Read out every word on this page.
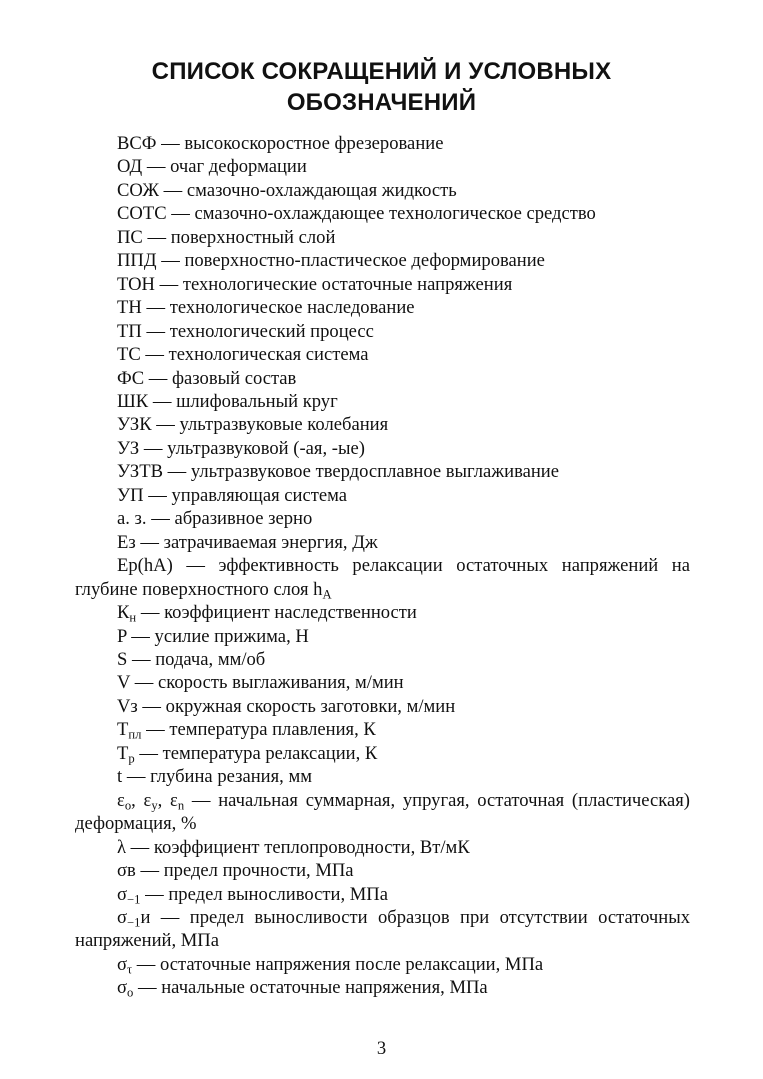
СПИСОК СОКРАЩЕНИЙ И УСЛОВНЫХ
ОБОЗНАЧЕНИЙ
ВСФ — высокоскоростное фрезерование
ОД — очаг деформации
СОЖ — смазочно-охлаждающая жидкость
СОТС — смазочно-охлаждающее технологическое средство
ПС — поверхностный слой
ППД — поверхностно-пластическое деформирование
ТОН — технологические остаточные напряжения
ТН — технологическое наследование
ТП — технологический процесс
ТС — технологическая система
ФС — фазовый состав
ШК — шлифовальный круг
УЗК — ультразвуковые колебания
УЗ — ультразвуковой (-ая, -ые)
УЗТВ — ультразвуковое твердосплавное выглаживание
УП — управляющая система
а. з. — абразивное зерно
Ез — затрачиваемая энергия, Дж
Ер(hA) — эффективность релаксации остаточных напряжений на глубине поверхностного слоя $h_A$
$К_н$ — коэффициент наследственности
P — усилие прижима, Н
S — подача, мм/об
V — скорость выглаживания, м/мин
Vз — окружная скорость заготовки, м/мин
$Т_{пл}$ — температура плавления, К
$Т_р$ — температура релаксации, К
t — глубина резания, мм
$\varepsilon_o$, $\varepsilon_y$, $\varepsilon_n$ — начальная суммарная, упругая, остаточная (пластическая) деформация, %
λ — коэффициент теплопроводности, Вт/мК
σв — предел прочности, МПа
$\sigma_{-1}$ — предел выносливости, МПа
$\sigma_{-1}и$ — предел выносливости образцов при отсутствии остаточных напряжений, МПа
$\sigma_\tau$ — остаточные напряжения после релаксации, МПа
$\sigma_о$ — начальные остаточные напряжения, МПа
3
